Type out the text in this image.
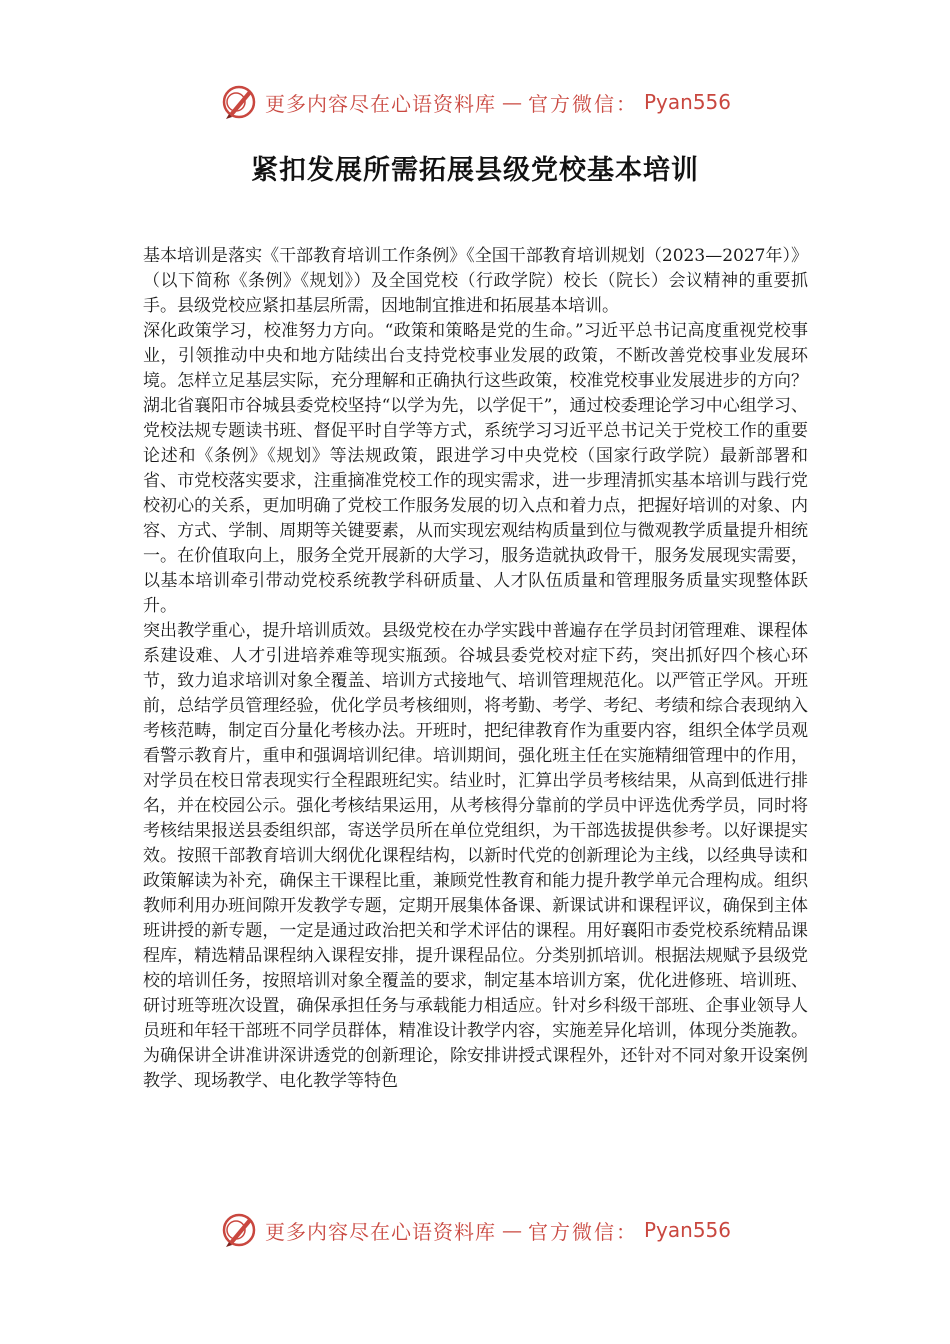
更多内容尽在心语资料库 — 官方微信： Pyan556
紧扣发展所需拓展县级党校基本培训

基本培训是落实《干部教育培训工作条例》《全国干部教育培训规划（2023—2027年）》（以下简称《条例》《规划》）及全国党校（行政学院）校长（院长）会议精神的重要抓手。县级党校应紧扣基层所需，因地制宜推进和拓展基本培训。

深化政策学习，校准努力方向。“政策和策略是党的生命。”习近平总书记高度重视党校事业，引领推动中央和地方陆续出台支持党校事业发展的政策，不断改善党校事业发展环境。怎样立足基层实际，充分理解和正确执行这些政策，校准党校事业发展进步的方向？湖北省襄阳市谷城县委党校坚持“以学为先，以学促干”，通过校委理论学习中心组学习、党校法规专题读书班、督促平时自学等方式，系统学习习近平总书记关于党校工作的重要论述和《条例》《规划》等法规政策，跟进学习中央党校（国家行政学院）最新部署和省、市党校落实要求，注重摘准党校工作的现实需求，进一步理清抓实基本培训与践行党校初心的关系，更加明确了党校工作服务发展的切入点和着力点，把握好培训的对象、内容、方式、学制、周期等关键要素，从而实现宏观结构质量到位与微观教学质量提升相统一。在价值取向上，服务全党开展新的大学习，服务造就执政骨干，服务发展现实需要，以基本培训牵引带动党校系统教学科研质量、人才队伍质量和管理服务质量实现整体跃升。

突出教学重心，提升培训质效。县级党校在办学实践中普遍存在学员封闭管理难、课程体系建设难、人才引进培养难等现实瓶颈。谷城县委党校对症下药，突出抓好四个核心环节，致力追求培训对象全覆盖、培训方式接地气、培训管理规范化。以严管正学风。开班前，总结学员管理经验，优化学员考核细则，将考勤、考学、考纪、考绩和综合表现纳入考核范畴，制定百分量化考核办法。开班时，把纪律教育作为重要内容，组织全体学员观看警示教育片，重申和强调培训纪律。培训期间，强化班主任在实施精细管理中的作用，对学员在校日常表现实行全程跟班纪实。结业时，汇算出学员考核结果，从高到低进行排名，并在校园公示。强化考核结果运用，从考核得分靠前的学员中评选优秀学员，同时将考核结果报送县委组织部，寄送学员所在单位党组织，为干部选拔提供参考。以好课提实效。按照干部教育培训大纲优化课程结构，以新时代党的创新理论为主线，以经典导读和政策解读为补充，确保主干课程比重，兼顾党性教育和能力提升教学单元合理构成。组织教师利用办班间隙开发教学专题，定期开展集体备课、新课试讲和课程评议，确保到主体班讲授的新专题，一定是通过政治把关和学术评估的课程。用好襄阳市委党校系统精品课程库，精选精品课程纳入课程安排，提升课程品位。分类别抓培训。根据法规赋予县级党校的培训任务，按照培训对象全覆盖的要求，制定基本培训方案，优化进修班、培训班、研讨班等班次设置，确保承担任务与承载能力相适应。针对乡科级干部班、企事业领导人员班和年轻干部班不同学员群体，精准设计教学内容，实施差异化培训，体现分类施教。为确保讲全讲准讲深讲透党的创新理论，除安排讲授式课程外，还针对不同对象开设案例教学、现场教学、电化教学等特色

更多内容尽在心语资料库 — 官方微信： Pyan556
